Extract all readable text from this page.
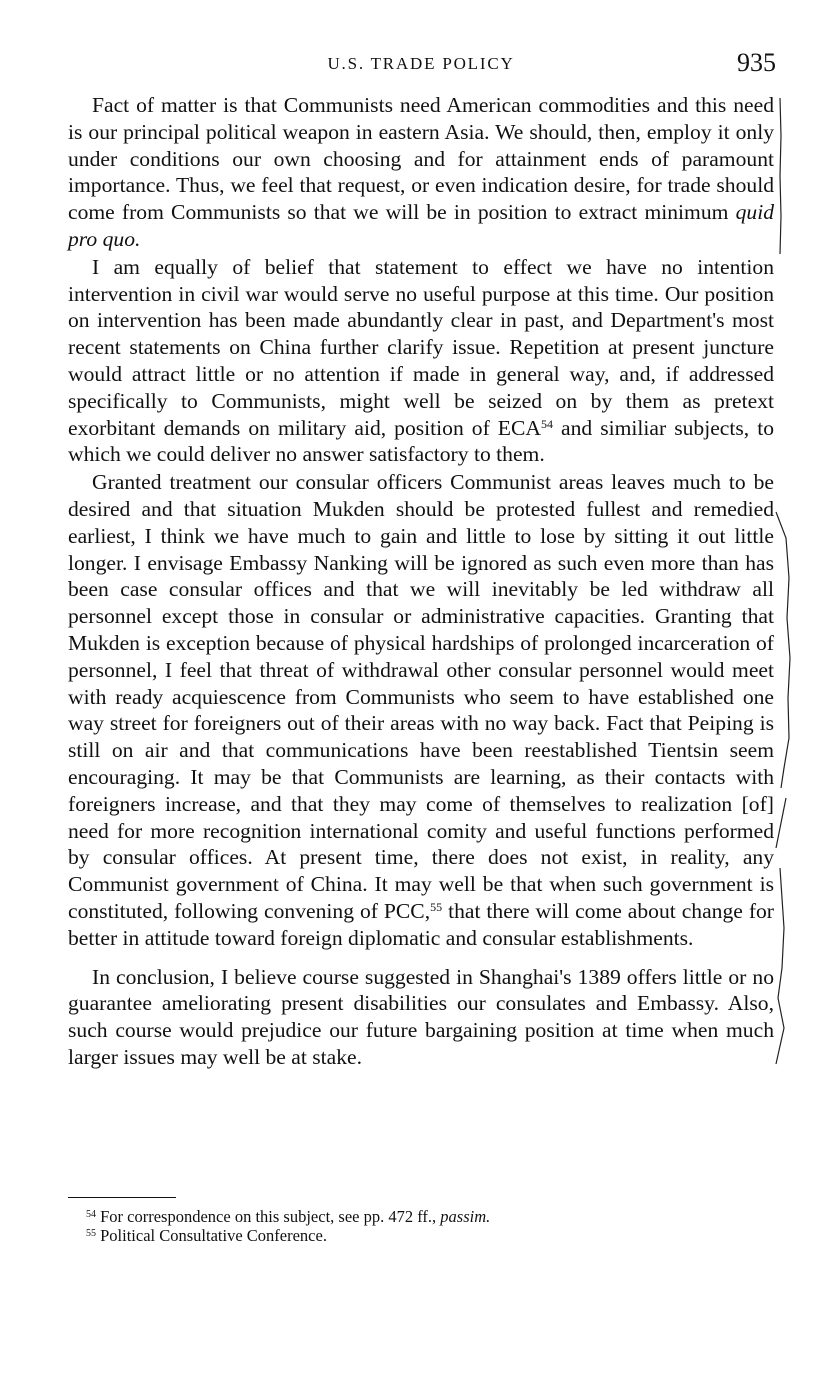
U.S. TRADE POLICY	935

Fact of matter is that Communists need American commodities and this need is our principal political weapon in eastern Asia. We should, then, employ it only under conditions our own choosing and for attainment ends of paramount importance. Thus, we feel that request, or even indication desire, for trade should come from Communists so that we will be in position to extract minimum quid pro quo.

I am equally of belief that statement to effect we have no intention intervention in civil war would serve no useful purpose at this time. Our position on intervention has been made abundantly clear in past, and Department's most recent statements on China further clarify issue. Repetition at present juncture would attract little or no attention if made in general way, and, if addressed specifically to Communists, might well be seized on by them as pretext exorbitant demands on military aid, position of ECA$^{54}$ and similiar subjects, to which we could deliver no answer satisfactory to them.

Granted treatment our consular officers Communist areas leaves much to be desired and that situation Mukden should be protested fullest and remedied earliest, I think we have much to gain and little to lose by sitting it out little longer. I envisage Embassy Nanking will be ignored as such even more than has been case consular offices and that we will inevitably be led withdraw all personnel except those in consular or administrative capacities. Granting that Mukden is exception because of physical hardships of prolonged incarceration of personnel, I feel that threat of withdrawal other consular personnel would meet with ready acquiescence from Communists who seem to have established one way street for foreigners out of their areas with no way back. Fact that Peiping is still on air and that communications have been reestablished Tientsin seem encouraging. It may be that Communists are learning, as their contacts with foreigners increase, and that they may come of themselves to realization [of] need for more recognition international comity and useful functions performed by consular offices. At present time, there does not exist, in reality, any Communist government of China. It may well be that when such government is constituted, following convening of PCC,$^{55}$ that there will come about change for better in attitude toward foreign diplomatic and consular establishments.

In conclusion, I believe course suggested in Shanghai's 1389 offers little or no guarantee ameliorating present disabilities our consulates and Embassy. Also, such course would prejudice our future bargaining position at time when much larger issues may well be at stake.

$^{54}$ For correspondence on this subject, see pp. 472 ff., passim.

$^{55}$ Political Consultative Conference.
